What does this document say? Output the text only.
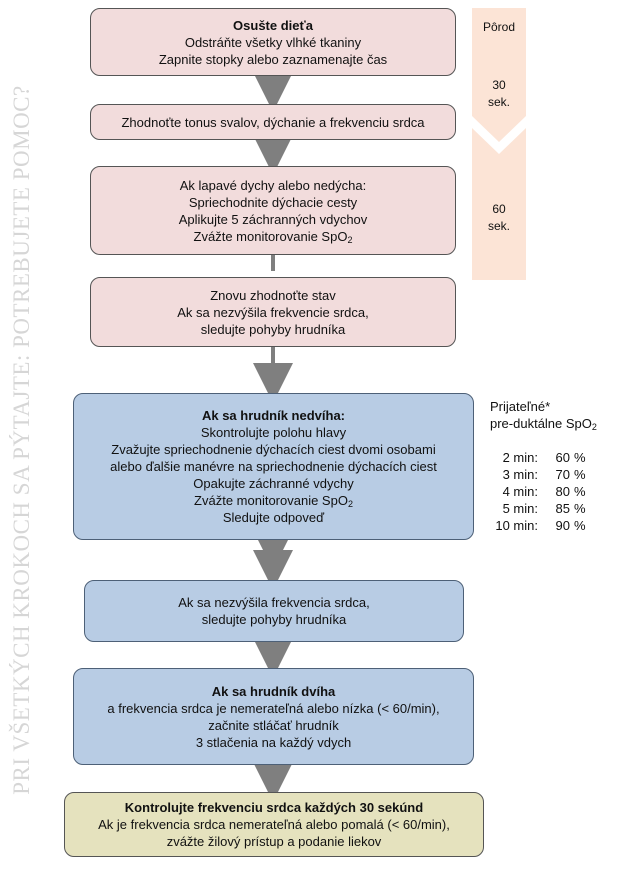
PRI VŠETKÝCH KROKOCH SA PÝTAJTE: POTREBUJETE POMOC?
Pôrod
30
sek.
60
sek.
Osušte dieťa
Odstráňte všetky vlhké tkaniny
Zapnite stopky alebo zaznamenajte čas
Zhodnoťte tonus svalov, dýchanie a frekvenciu srdca
Ak lapavé dychy alebo nedýcha:
Spriechodnite dýchacie cesty
Aplikujte 5 záchranných vdychov
Zvážte monitorovanie SpO$_2$
Znovu zhodnoťte stav
Ak sa nezvýšila frekvencie srdca,
sledujte pohyby hrudníka
Ak sa hrudník nedvíha:
Skontrolujte polohu hlavy
Zvažujte spriechodnenie dýchacích ciest dvomi osobami
alebo ďalšie manévre na spriechodnenie dýchacích ciest
Opakujte záchranné vdychy
Zvážte monitorovanie SpO$_2$
Sledujte odpoveď
Ak sa nezvýšila frekvencia srdca,
sledujte pohyby hrudníka
Ak sa hrudník dvíha
a frekvencia srdca je nemerateľná alebo nízka (< 60/min),
začnite stláčať hrudník
3 stlačenia na každý vdych
Kontrolujte frekvenciu srdca každých 30 sekúnd
Ak je frekvencia srdca nemerateľná alebo pomalá (< 60/min),
zvážte žilový prístup a podanie liekov
Prijateľné*
pre-duktálne SpO$_2$
2 min:	60 %
3 min:	70 %
4 min:	80 %
5 min:	85 %
10 min:	90 %
